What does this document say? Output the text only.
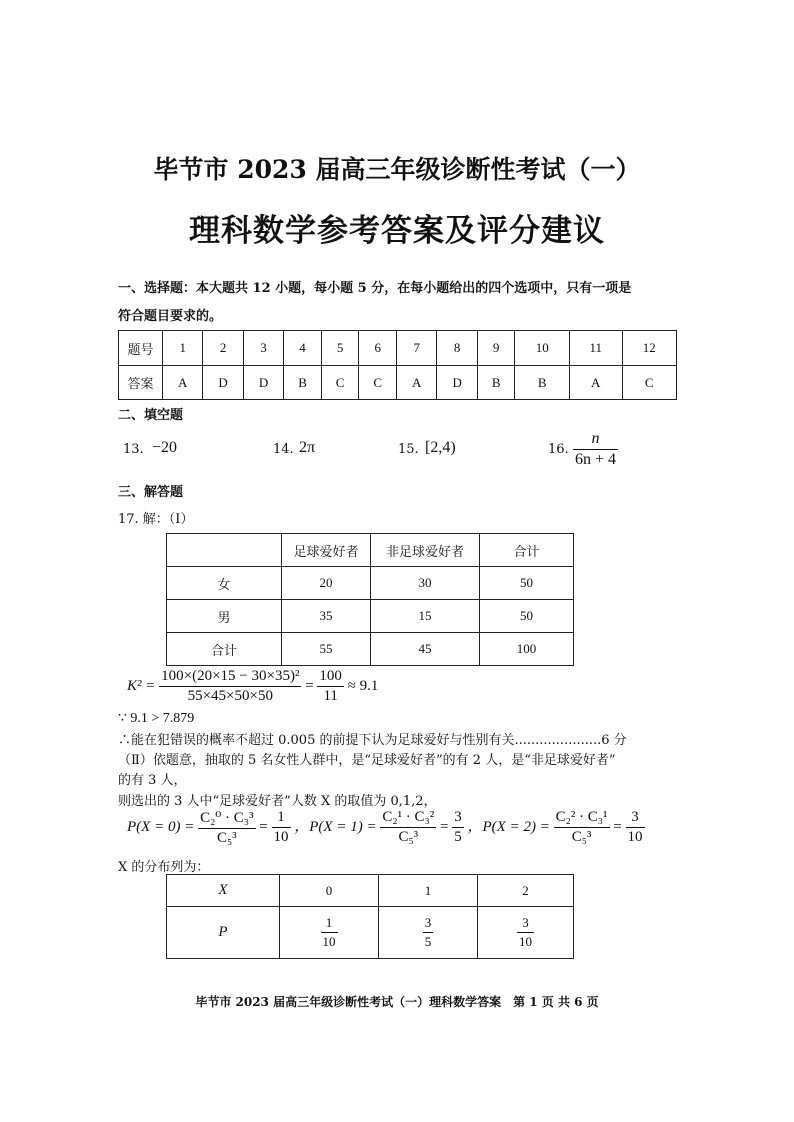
毕节市 2023 届高三年级诊断性考试（一）
理科数学参考答案及评分建议
一、选择题：本大题共 12 小题，每小题 5 分，在每小题给出的四个选项中，只有一项是
符合题目要求的。
题号	1	2	3	4	5	6	7	8	9	10	11	12
答案	A	D	D	B	C	C	A	D	B	B	A	C
二、填空题
13. −20	14. 2π	15. [2,4)	16. $\frac{n}{6n + 4}$
三、解答题
17. 解：（Ⅰ）
	足球爱好者	非足球爱好者	合计
女	20	30	50
男	35	15	50
合计	55	45	100
$K^2 = \frac{\text{100×(20×15 − 30×35)²}}{55\times 45\times 50\times 50} = \frac{100}{11} \approx 9.1$
∵ 9.1 > 7.879
∴能在犯错误的概率不超过 0.005 的前提下认为足球爱好与性别有关.....................6 分
（Ⅱ）依题意，抽取的 5 名女性人群中，是“足球爱好者”的有 2 人，是“非足球爱好者”
的有 3 人，
则选出的 3 人中“足球爱好者”人数 X 的取值为 0,1,2，
$P(X = 0) = \frac{\text{C₂⁰ · C₃³}}{\text{C₅³}} = \frac{1}{10}$ ，$P(X = 1) = \frac{\text{C₂¹ · C₃²}}{\text{C₅³}} = \frac{3}{5}$ ，$P(X = 2) = \frac{\text{C₂² · C₃¹}}{\text{C₅³}} = \frac{3}{10}$
X 的分布列为：
X	0	1	2
P	$\frac{1}{10}$	$\frac{3}{5}$	$\frac{3}{10}$
毕节市 2023 届高三年级诊断性考试（一）理科数学答案　第 1 页 共 6 页
